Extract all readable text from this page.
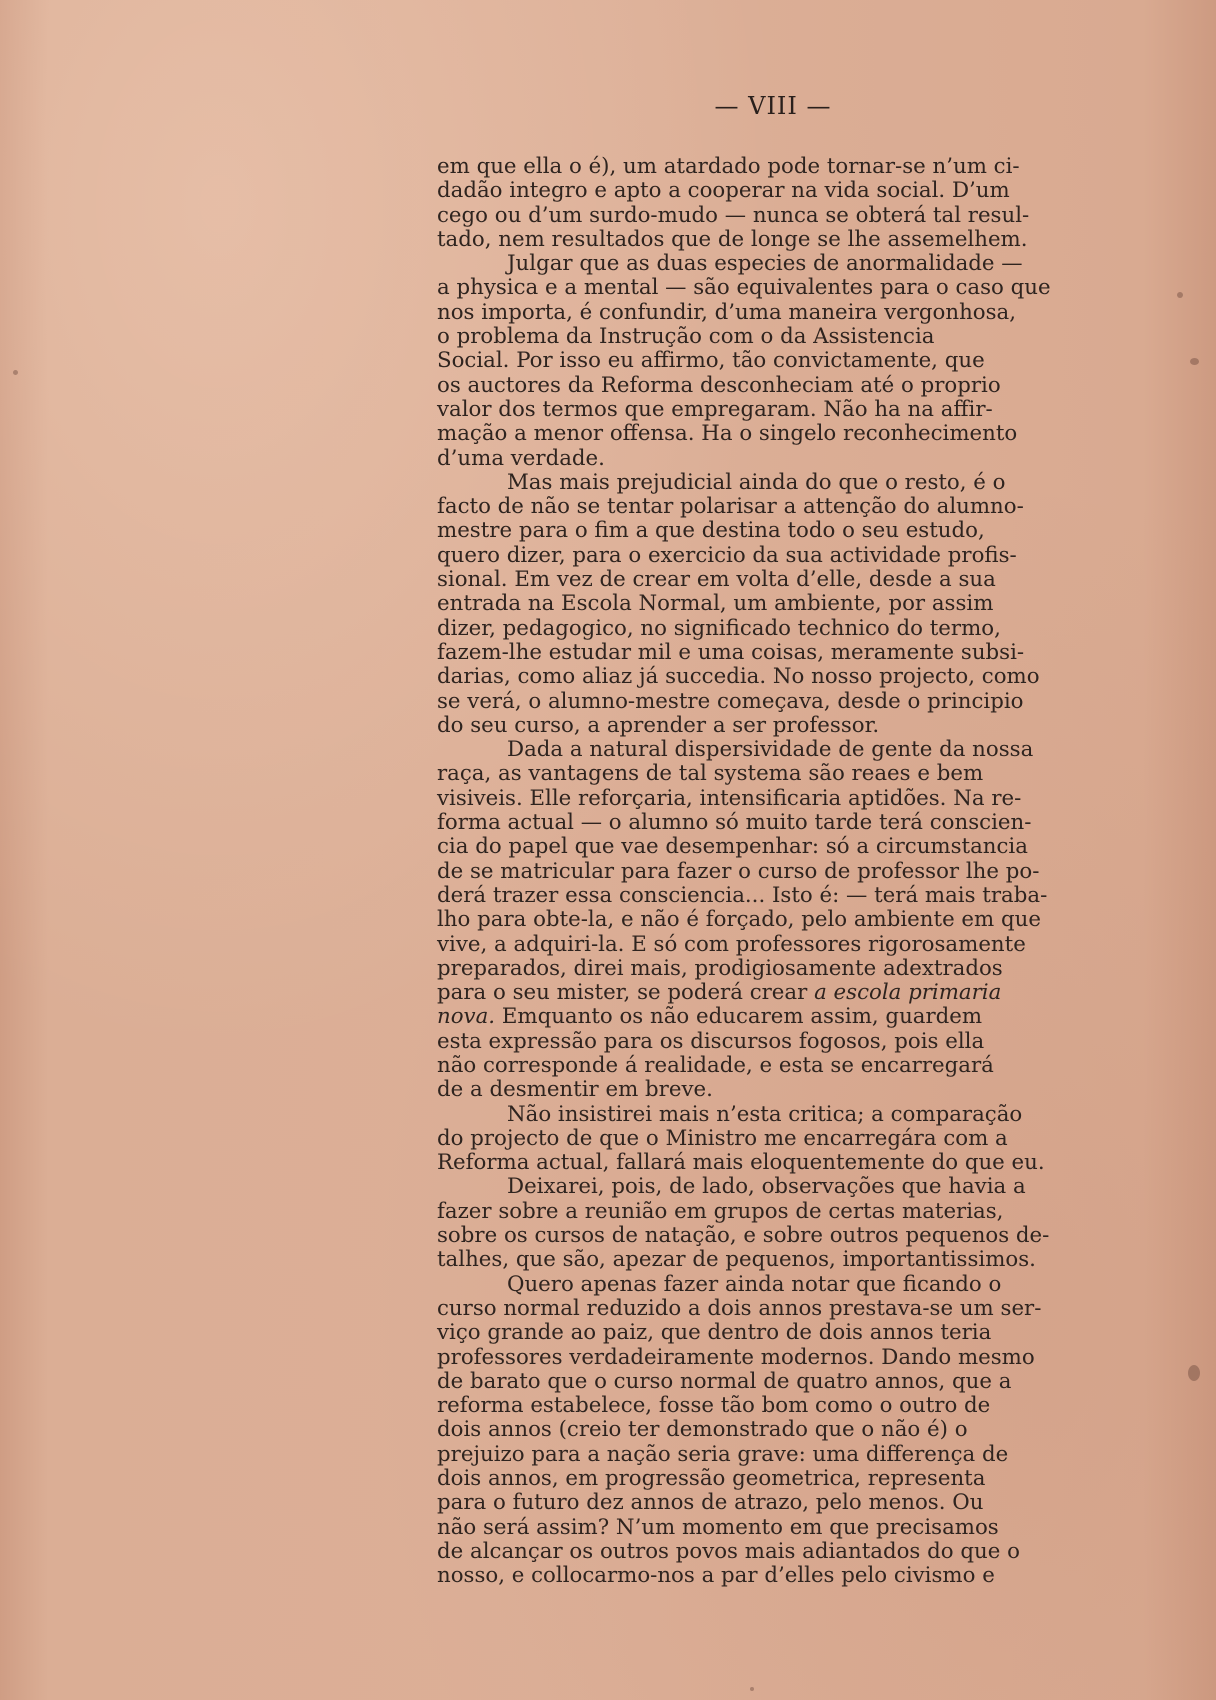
— VIII —
em que ella o é), um atardado pode tornar-se n’um ci-
dadão integro e apto a cooperar na vida social. D’um
cego ou d’um surdo-mudo — nunca se obterá tal resul-
tado, nem resultados que de longe se lhe assemelhem.
Julgar que as duas especies de anormalidade —
a physica e a mental — são equivalentes para o caso que
nos importa, é confundir, d’uma maneira vergonhosa,
o problema da Instrução com o da Assistencia
Social. Por isso eu affirmo, tão convictamente, que
os auctores da Reforma desconheciam até o proprio
valor dos termos que empregaram. Não ha na affir-
mação a menor offensa. Ha o singelo reconhecimento
d’uma verdade.
Mas mais prejudicial ainda do que o resto, é o
facto de não se tentar polarisar a attenção do alumno-
mestre para o fim a que destina todo o seu estudo,
quero dizer, para o exercicio da sua actividade profis-
sional. Em vez de crear em volta d’elle, desde a sua
entrada na Escola Normal, um ambiente, por assim
dizer, pedagogico, no significado technico do termo,
fazem-lhe estudar mil e uma coisas, meramente subsi-
darias, como aliaz já succedia. No nosso projecto, como
se verá, o alumno-mestre começava, desde o principio
do seu curso, a aprender a ser professor.
Dada a natural dispersividade de gente da nossa
raça, as vantagens de tal systema são reaes e bem
visiveis. Elle reforçaria, intensificaria aptidões. Na re-
forma actual — o alumno só muito tarde terá conscien-
cia do papel que vae desempenhar: só a circumstancia
de se matricular para fazer o curso de professor lhe po-
derá trazer essa consciencia... Isto é: — terá mais traba-
lho para obte-la, e não é forçado, pelo ambiente em que
vive, a adquiri-la. E só com professores rigorosamente
preparados, direi mais, prodigiosamente adextrados
para o seu mister, se poderá crear a escola primaria
nova. Emquanto os não educarem assim, guardem
esta expressão para os discursos fogosos, pois ella
não corresponde á realidade, e esta se encarregará
de a desmentir em breve.
Não insistirei mais n’esta critica; a comparação
do projecto de que o Ministro me encarregára com a
Reforma actual, fallará mais eloquentemente do que eu.
Deixarei, pois, de lado, observações que havia a
fazer sobre a reunião em grupos de certas materias,
sobre os cursos de natação, e sobre outros pequenos de-
talhes, que são, apezar de pequenos, importantissimos.
Quero apenas fazer ainda notar que ficando o
curso normal reduzido a dois annos prestava-se um ser-
viço grande ao paiz, que dentro de dois annos teria
professores verdadeiramente modernos. Dando mesmo
de barato que o curso normal de quatro annos, que a
reforma estabelece, fosse tão bom como o outro de
dois annos (creio ter demonstrado que o não é) o
prejuizo para a nação seria grave: uma differença de
dois annos, em progressão geometrica, representa
para o futuro dez annos de atrazo, pelo menos. Ou
não será assim? N’um momento em que precisamos
de alcançar os outros povos mais adiantados do que o
nosso, e collocarmo-nos a par d’elles pelo civismo e
